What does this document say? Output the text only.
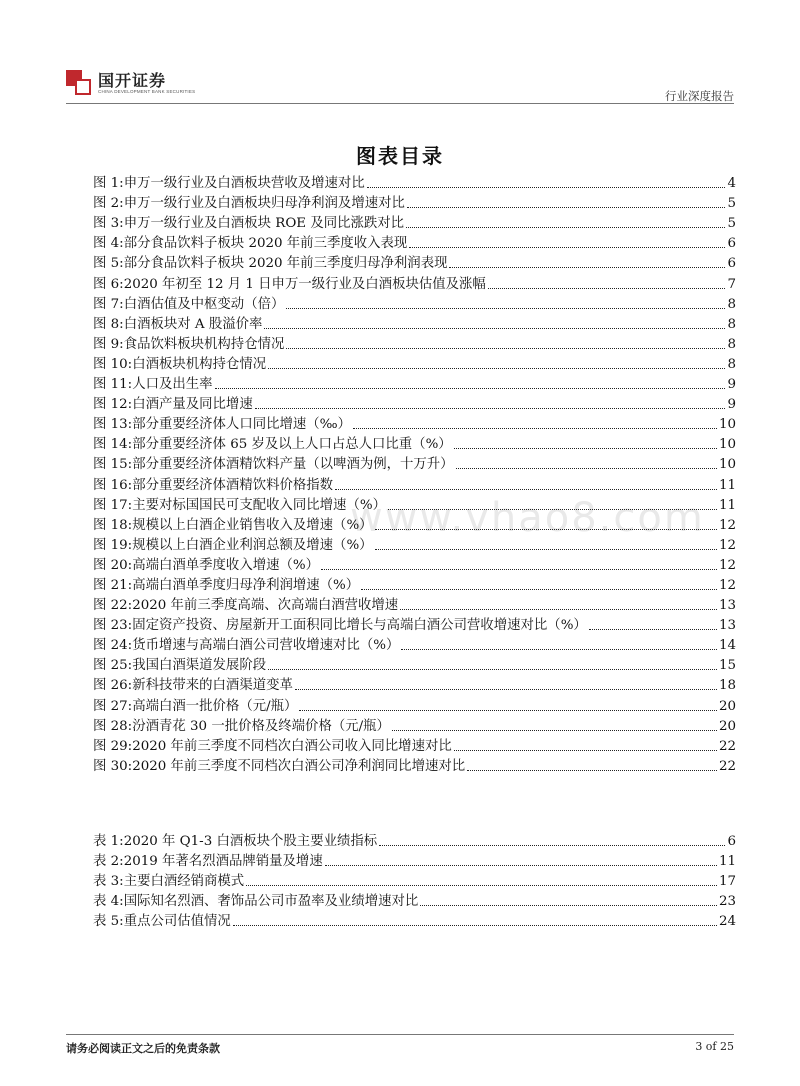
国开证券
CHINA DEVELOPMENT BANK SECURITIES	行业深度报告
www.vhao8.com
图表目录
图 1: 申万一级行业及白酒板块营收及增速对比	4
图 2: 申万一级行业及白酒板块归母净利润及增速对比	5
图 3: 申万一级行业及白酒板块 ROE 及同比涨跌对比	5
图 4: 部分食品饮料子板块 2020 年前三季度收入表现	6
图 5: 部分食品饮料子板块 2020 年前三季度归母净利润表现	6
图 6: 2020 年初至 12 月 1 日申万一级行业及白酒板块估值及涨幅	7
图 7: 白酒估值及中枢变动（倍）	8
图 8: 白酒板块对 A 股溢价率	8
图 9: 食品饮料板块机构持仓情况	8
图 10: 白酒板块机构持仓情况	8
图 11: 人口及出生率	9
图 12: 白酒产量及同比增速	9
图 13: 部分重要经济体人口同比增速（‰）	10
图 14: 部分重要经济体 65 岁及以上人口占总人口比重（%）	10
图 15: 部分重要经济体酒精饮料产量（以啤酒为例，十万升）	10
图 16: 部分重要经济体酒精饮料价格指数	11
图 17: 主要对标国国民可支配收入同比增速（%）	11
图 18: 规模以上白酒企业销售收入及增速（%）	12
图 19: 规模以上白酒企业利润总额及增速（%）	12
图 20: 高端白酒单季度收入增速（%）	12
图 21: 高端白酒单季度归母净利润增速（%）	12
图 22: 2020 年前三季度高端、次高端白酒营收增速	13
图 23: 固定资产投资、房屋新开工面积同比增长与高端白酒公司营收增速对比（%）	13
图 24: 货币增速与高端白酒公司营收增速对比（%）	14
图 25: 我国白酒渠道发展阶段	15
图 26: 新科技带来的白酒渠道变革	18
图 27: 高端白酒一批价格（元/瓶）	20
图 28: 汾酒青花 30 一批价格及终端价格（元/瓶）	20
图 29: 2020 年前三季度不同档次白酒公司收入同比增速对比	22
图 30: 2020 年前三季度不同档次白酒公司净利润同比增速对比	22
表 1: 2020 年 Q1-3 白酒板块个股主要业绩指标	6
表 2: 2019 年著名烈酒品牌销量及增速	11
表 3: 主要白酒经销商模式	17
表 4: 国际知名烈酒、奢饰品公司市盈率及业绩增速对比	23
表 5: 重点公司估值情况	24
请务必阅读正文之后的免责条款	3 of 25
